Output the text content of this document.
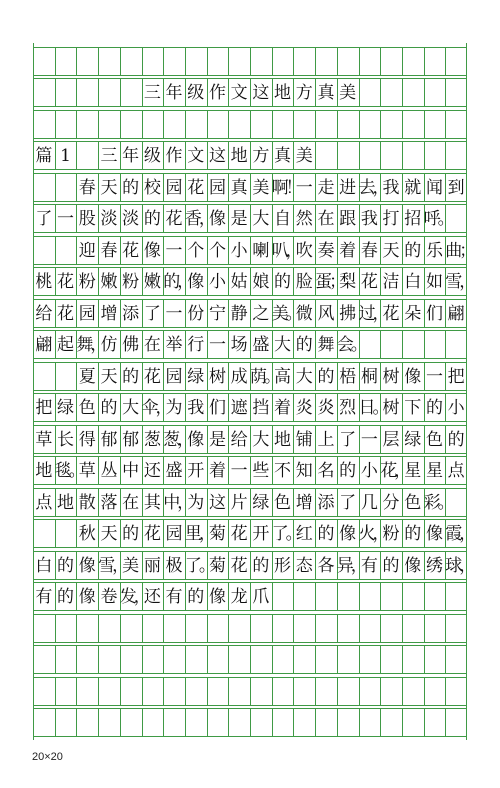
三 年 级 作 文 这 地 方 真 美
篇 1	三 年 级 作 文 这 地 方 真 美
春 天 的 校 园 花 园 真 美 啊！
一 走 进 去，
我 就 闻 到
了 一 股 淡 淡 的 花 香，
像 是 大 自 然 在 跟 我 打 招 呼。
迎 春 花 像 一 个 个 小 喇 叭，
吹 奏 着 春 天 的 乐 曲；
桃 花 粉 嫩 粉 嫩 的，
像 小 姑 娘 的 脸 蛋；
梨 花 洁 白 如 雪，
给 花 园 增 添 了 一 份 宁 静 之 美。
微 风 拂 过，
花 朵 们 翩
翩 起 舞，
仿 佛 在 举 行 一 场 盛 大 的 舞 会。
夏 天 的 花 园 绿 树 成 荫。
高 大 的 梧 桐 树 像 一 把
把 绿 色 的 大 伞，
为 我 们 遮 挡 着 炎 炎 烈 日。
树 下 的 小
草 长 得 郁 郁 葱 葱，
像 是 给 大 地 铺 上 了 一 层 绿 色 的
地 毯。
草 丛 中 还 盛 开 着 一 些 不 知 名 的 小 花，
星 星 点
点 地 散 落 在 其 中，
为 这 片 绿 色 增 添 了 几 分 色 彩。
秋 天 的 花 园 里，
菊 花 开 了。
红 的 像 火，
粉 的 像 霞，
白 的 像 雪，
美 丽 极 了。
菊 花 的 形 态 各 异，
有 的 像 绣 球，
有 的 像 卷 发，
还 有 的 像 龙 爪
20×20
